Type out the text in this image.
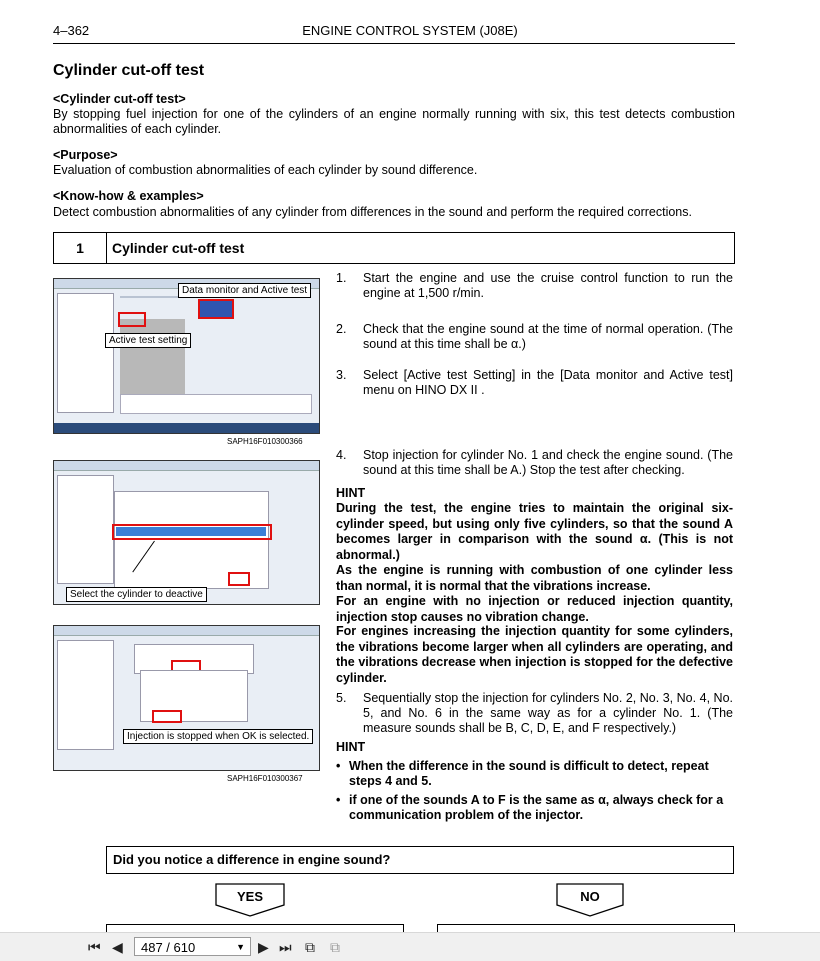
4–362	ENGINE CONTROL SYSTEM (J08E)
Cylinder cut-off test
<Cylinder cut-off test>
By stopping fuel injection for one of the cylinders of an engine normally running with six, this test detects combustion abnormalities of each cylinder.
<Purpose>
Evaluation of combustion abnormalities of each cylinder by sound difference.
<Know-how & examples>
Detect combustion abnormalities of any cylinder from differences in the sound and perform the required corrections.
1	Cylinder cut-off test
Data monitor and Active test
Active test setting
SAPH16F010300366
Select the cylinder to deactive
Injection is stopped when OK is selected.
SAPH16F010300367
1. Start the engine and use the cruise control function to run the engine at 1,500 r/min.
2. Check that the engine sound at the time of normal operation. (The sound at this time shall be α.)
3. Select [Active test Setting] in the [Data monitor and Active test] menu on HINO DX II .
4. Stop injection for cylinder No. 1 and check the engine sound. (The sound at this time shall be A.) Stop the test after checking.
HINT
During the test, the engine tries to maintain the original six-cylinder speed, but using only five cylinders, so that the sound A becomes larger in comparison with the sound α. (This is not abnormal.)
As the engine is running with combustion of one cylinder less than normal, it is normal that the vibrations increase.
For an engine with no injection or reduced injection quantity, injection stop causes no vibration change.
For engines increasing the injection quantity for some cylinders, the vibrations become larger when all cylinders are operating, and the vibrations decrease when injection is stopped for the defective cylinder.
5. Sequentially stop the injection for cylinders No. 2, No. 3, No. 4, No. 5, and No. 6 in the same way as for a cylinder No. 1. (The measure sounds shall be B, C, D, E, and F respectively.)
HINT
• When the difference in the sound is difficult to detect, repeat steps 4 and 5.
• if one of the sounds A to F is the same as α, always check for a communication problem of the injector.
Did you notice a difference in engine sound?
YES	NO
⏮ ◀	487 / 610	▼ ▶ ⏭ ⧉ ⧉
